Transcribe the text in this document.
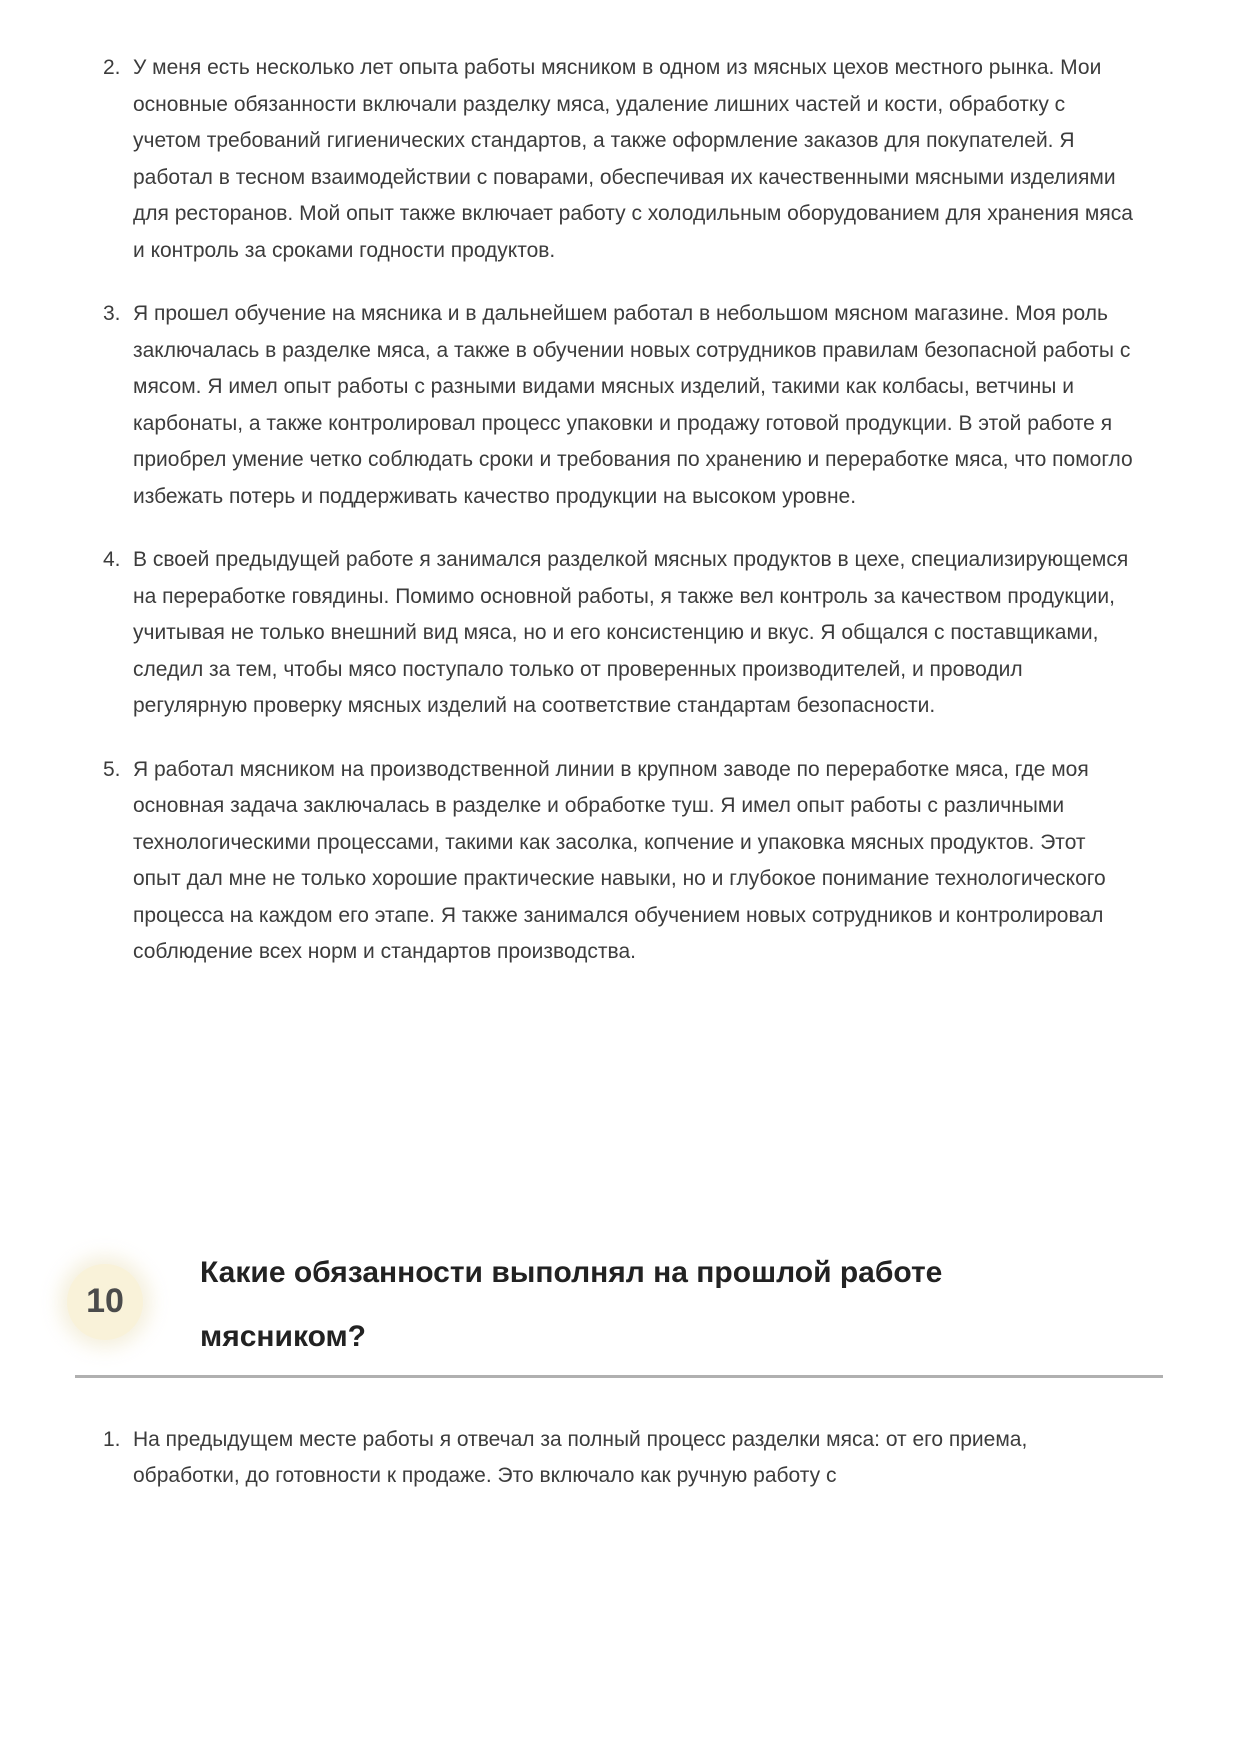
2. У меня есть несколько лет опыта работы мясником в одном из мясных цехов местного рынка. Мои основные обязанности включали разделку мяса, удаление лишних частей и кости, обработку с учетом требований гигиенических стандартов, а также оформление заказов для покупателей. Я работал в тесном взаимодействии с поварами, обеспечивая их качественными мясными изделиями для ресторанов. Мой опыт также включает работу с холодильным оборудованием для хранения мяса и контроль за сроками годности продуктов.
3. Я прошел обучение на мясника и в дальнейшем работал в небольшом мясном магазине. Моя роль заключалась в разделке мяса, а также в обучении новых сотрудников правилам безопасной работы с мясом. Я имел опыт работы с разными видами мясных изделий, такими как колбасы, ветчины и карбонаты, а также контролировал процесс упаковки и продажу готовой продукции. В этой работе я приобрел умение четко соблюдать сроки и требования по хранению и переработке мяса, что помогло избежать потерь и поддерживать качество продукции на высоком уровне.
4. В своей предыдущей работе я занимался разделкой мясных продуктов в цехе, специализирующемся на переработке говядины. Помимо основной работы, я также вел контроль за качеством продукции, учитывая не только внешний вид мяса, но и его консистенцию и вкус. Я общался с поставщиками, следил за тем, чтобы мясо поступало только от проверенных производителей, и проводил регулярную проверку мясных изделий на соответствие стандартам безопасности.
5. Я работал мясником на производственной линии в крупном заводе по переработке мяса, где моя основная задача заключалась в разделке и обработке туш. Я имел опыт работы с различными технологическими процессами, такими как засолка, копчение и упаковка мясных продуктов. Этот опыт дал мне не только хорошие практические навыки, но и глубокое понимание технологического процесса на каждом его этапе. Я также занимался обучением новых сотрудников и контролировал соблюдение всех норм и стандартов производства.
10
Какие обязанности выполнял на прошлой работе мясником?
1. На предыдущем месте работы я отвечал за полный процесс разделки мяса: от его приема, обработки, до готовности к продаже. Это включало как ручную работу с
